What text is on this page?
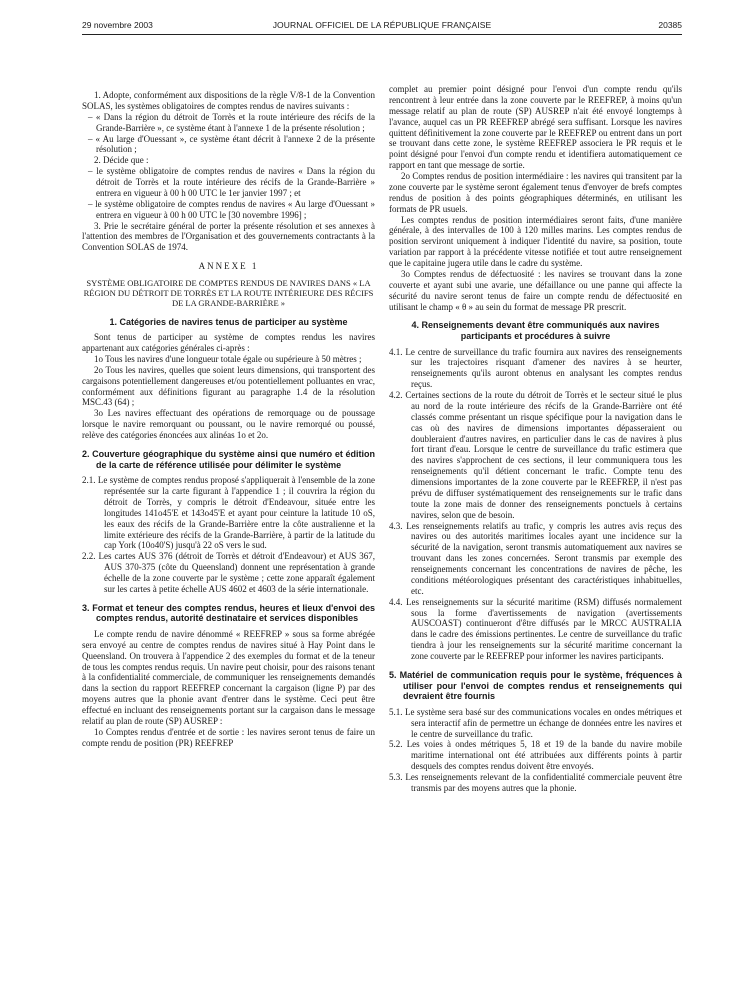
29 novembre 2003	JOURNAL OFFICIEL DE LA RÉPUBLIQUE FRANÇAISE	20385

1. Adopte, conformément aux dispositions de la règle V/8-1 de la Convention SOLAS, les systèmes obligatoires de comptes rendus de navires suivants :

– « Dans la région du détroit de Torrès et la route intérieure des récifs de la Grande-Barrière », ce système étant à l'annexe 1 de la présente résolution ;

– « Au large d'Ouessant », ce système étant décrit à l'annexe 2 de la présente résolution ;

2. Décide que :

– le système obligatoire de comptes rendus de navires « Dans la région du détroit de Torrès et la route intérieure des récifs de la Grande-Barrière » entrera en vigueur à 00 h 00 UTC le 1er janvier 1997 ; et

– le système obligatoire de comptes rendus de navires « Au large d'Ouessant » entrera en vigueur à 00 h 00 UTC le [30 novembre 1996] ;

3. Prie le secrétaire général de porter la présente résolution et ses annexes à l'attention des membres de l'Organisation et des gouvernements contractants à la Convention SOLAS de 1974.

ANNEXE 1

SYSTÈME OBLIGATOIRE DE COMPTES RENDUS DE NAVIRES DANS « LA RÉGION DU DÉTROIT DE TORRÈS ET LA ROUTE INTÉRIEURE DES RÉCIFS DE LA GRANDE-BARRIÈRE »

1. Catégories de navires tenus de participer au système

Sont tenus de participer au système de comptes rendus les navires appartenant aux catégories générales ci-après :

1o Tous les navires d'une longueur totale égale ou supérieure à 50 mètres ;

2o Tous les navires, quelles que soient leurs dimensions, qui transportent des cargaisons potentiellement dangereuses et/ou potentiellement polluantes en vrac, conformément aux définitions figurant au paragraphe 1.4 de la résolution MSC.43 (64) ;

3o Les navires effectuant des opérations de remorquage ou de poussage lorsque le navire remorquant ou poussant, ou le navire remorqué ou poussé, relève des catégories énoncées aux alinéas 1o et 2o.

2. Couverture géographique du système ainsi que numéro et édition de la carte de référence utilisée pour délimiter le système

2.1. Le système de comptes rendus proposé s'appliquerait à l'ensemble de la zone représentée sur la carte figurant à l'appendice 1 ; il couvrira la région du détroit de Torrès, y compris le détroit d'Endeavour, située entre les longitudes 141o45'E et 143o45'E et ayant pour ceinture la latitude 10 oS, les eaux des récifs de la Grande-Barrière entre la côte australienne et la limite extérieure des récifs de la Grande-Barrière, à partir de la latitude du cap York (10o40'S) jusqu'à 22 oS vers le sud.

2.2. Les cartes AUS 376 (détroit de Torrès et détroit d'Endeavour) et AUS 367, AUS 370-375 (côte du Queensland) donnent une représentation à grande échelle de la zone couverte par le système ; cette zone apparaît également sur les cartes à petite échelle AUS 4602 et 4603 de la série internationale.

3. Format et teneur des comptes rendus, heures et lieux d'envoi des comptes rendus, autorité destinataire et services disponibles

Le compte rendu de navire dénommé « REEFREP » sous sa forme abrégée sera envoyé au centre de comptes rendus de navires situé à Hay Point dans le Queensland. On trouvera à l'appendice 2 des exemples du format et de la teneur de tous les comptes rendus requis. Un navire peut choisir, pour des raisons tenant à la confidentialité commerciale, de communiquer les renseignements demandés dans la section du rapport REEFREP concernant la cargaison (ligne P) par des moyens autres que la phonie avant d'entrer dans le système. Ceci peut être effectué en incluant des renseignements portant sur la cargaison dans le message relatif au plan de route (SP) AUSREP :

1o Comptes rendus d'entrée et de sortie : les navires seront tenus de faire un compte rendu de position (PR) REEFREP

complet au premier point désigné pour l'envoi d'un compte rendu qu'ils rencontrent à leur entrée dans la zone couverte par le REEFREP, à moins qu'un message relatif au plan de route (SP) AUSREP n'ait été envoyé longtemps à l'avance, auquel cas un PR REEFREP abrégé sera suffisant. Lorsque les navires quittent définitivement la zone couverte par le REEFREP ou entrent dans un port se trouvant dans cette zone, le système REEFREP associera le PR requis et le point désigné pour l'envoi d'un compte rendu et identifiera automatiquement ce rapport en tant que message de sortie.

2o Comptes rendus de position intermédiaire : les navires qui transitent par la zone couverte par le système seront également tenus d'envoyer de brefs comptes rendus de position à des points géographiques déterminés, en utilisant les formats de PR usuels.

Les comptes rendus de position intermédiaires seront faits, d'une manière générale, à des intervalles de 100 à 120 milles marins. Les comptes rendus de position serviront uniquement à indiquer l'identité du navire, sa position, toute variation par rapport à la précédente vitesse notifiée et tout autre renseignement que le capitaine jugera utile dans le cadre du système.

3o Comptes rendus de défectuosité : les navires se trouvant dans la zone couverte et ayant subi une avarie, une défaillance ou une panne qui affecte la sécurité du navire seront tenus de faire un compte rendu de défectuosité en utilisant le champ « θ » au sein du format de message PR prescrit.

4. Renseignements devant être communiqués aux navires participants et procédures à suivre

4.1. Le centre de surveillance du trafic fournira aux navires des renseignements sur les trajectoires risquant d'amener des navires à se heurter, renseignements qu'ils auront obtenus en analysant les comptes rendus reçus.

4.2. Certaines sections de la route du détroit de Torrès et le secteur situé le plus au nord de la route intérieure des récifs de la Grande-Barrière ont été classés comme présentant un risque spécifique pour la navigation dans le cas où des navires de dimensions importantes dépasseraient ou doubleraient d'autres navires, en particulier dans le cas de navires à plus fort tirant d'eau. Lorsque le centre de surveillance du trafic estimera que des navires s'approchent de ces sections, il leur communiquera tous les renseignements qu'il détient concernant le trafic. Compte tenu des dimensions importantes de la zone couverte par le REEFREP, il n'est pas prévu de diffuser systématiquement des renseignements sur le trafic dans toute la zone mais de donner des renseignements ponctuels à certains navires, selon que de besoin.

4.3. Les renseignements relatifs au trafic, y compris les autres avis reçus des navires ou des autorités maritimes locales ayant une incidence sur la sécurité de la navigation, seront transmis automatiquement aux navires se trouvant dans les zones concernées. Seront transmis par exemple des renseignements concernant les concentrations de navires de pêche, les conditions météorologiques présentant des caractéristiques inhabituelles, etc.

4.4. Les renseignements sur la sécurité maritime (RSM) diffusés normalement sous la forme d'avertissements de navigation (avertissements AUSCOAST) continueront d'être diffusés par le MRCC AUSTRALIA dans le cadre des émissions pertinentes. Le centre de surveillance du trafic tiendra à jour les renseignements sur la sécurité maritime concernant la zone couverte par le REEFREP pour informer les navires participants.

5. Matériel de communication requis pour le système, fréquences à utiliser pour l'envoi de comptes rendus et renseignements qui devraient être fournis

5.1. Le système sera basé sur des communications vocales en ondes métriques et sera interactif afin de permettre un échange de données entre les navires et le centre de surveillance du trafic.

5.2. Les voies à ondes métriques 5, 18 et 19 de la bande du navire mobile maritime international ont été attribuées aux différents points à partir desquels des comptes rendus doivent être envoyés.

5.3. Les renseignements relevant de la confidentialité commerciale peuvent être transmis par des moyens autres que la phonie.
